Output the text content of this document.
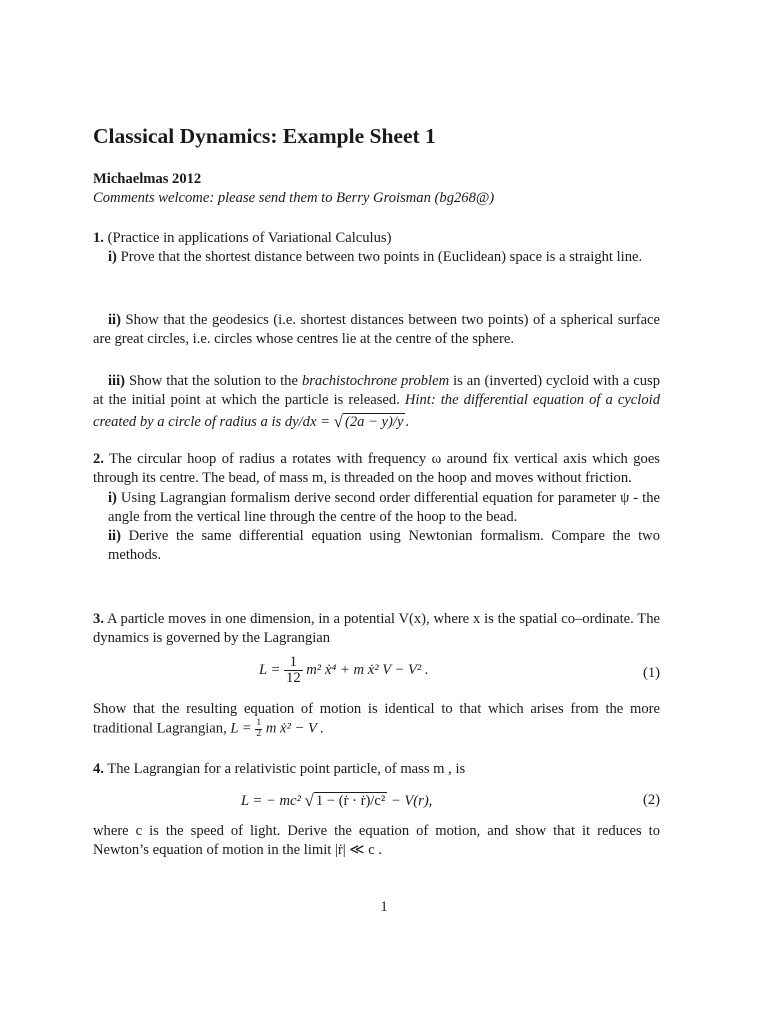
Classical Dynamics: Example Sheet 1
Michaelmas 2012
Comments welcome: please send them to Berry Groisman (bg268@)
1. (Practice in applications of Variational Calculus)
i) Prove that the shortest distance between two points in (Euclidean) space is a straight line.
ii) Show that the geodesics (i.e. shortest distances between two points) of a spherical surface are great circles, i.e. circles whose centres lie at the centre of the sphere.
iii) Show that the solution to the brachistochrone problem is an (inverted) cycloid with a cusp at the initial point at which the particle is released. Hint: the differential equation of a cycloid created by a circle of radius a is dy/dx = √ (2a − y)/y .
2. The circular hoop of radius a rotates with frequency ω around fix vertical axis which goes through its centre. The bead, of mass m, is threaded on the hoop and moves without friction.
i) Using Lagrangian formalism derive second order differential equation for parameter ψ - the angle from the vertical line through the centre of the hoop to the bead.
ii) Derive the same differential equation using Newtonian formalism. Compare the two methods.
3. A particle moves in one dimension, in a potential V(x), where x is the spatial co–ordinate. The dynamics is governed by the Lagrangian
$L = \frac{1}{12} m^2$ ẋ⁴ + m ẋ² V − V² .	(1)
Show that the resulting equation of motion is identical to that which arises from the more traditional Lagrangian, $L = \frac{1}{2}$ m ẋ² − V .
4. The Lagrangian for a relativistic point particle, of mass m , is
L = − mc² √ 1 − (ṙ · ṙ)/c² − V(r),	(2)
where c is the speed of light. Derive the equation of motion, and show that it reduces to Newton’s equation of motion in the limit |ṙ| ≪ c .
1
